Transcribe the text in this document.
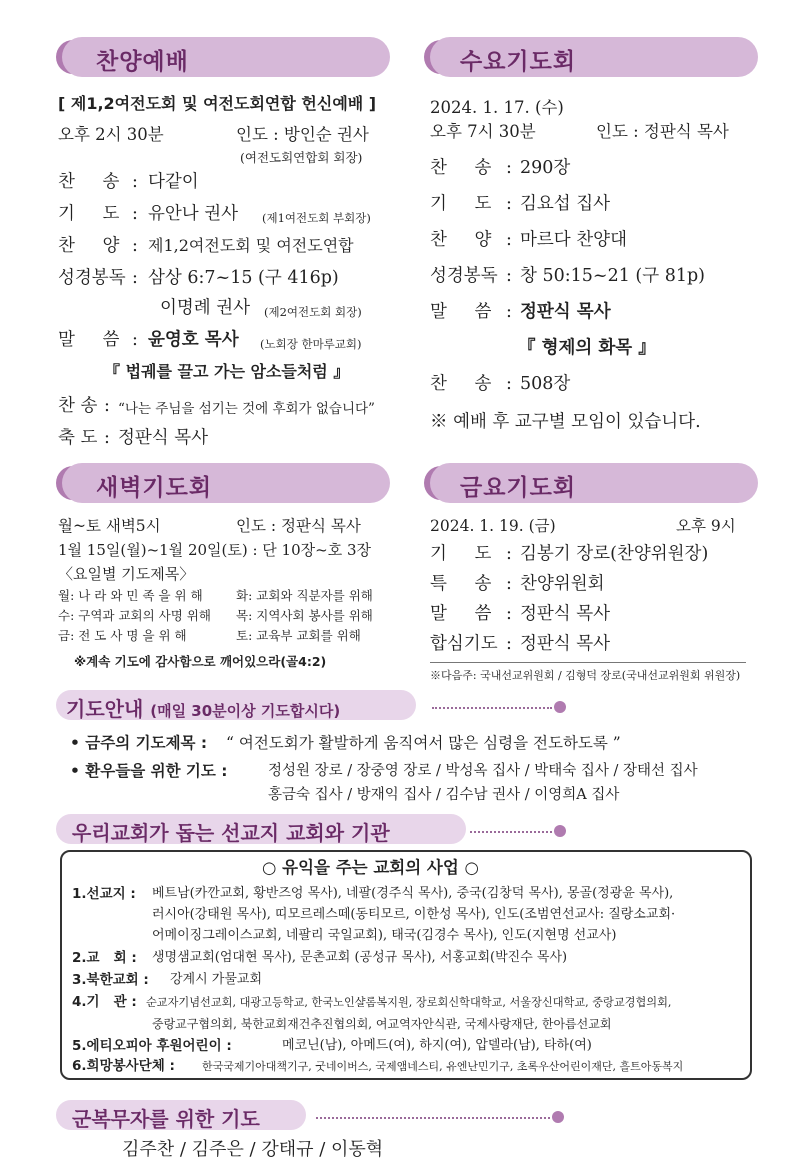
찬양예배
[ 제1,2여전도회 및 여전도회연합 헌신예배 ]
오후 2시 30분	인도 : 방인순 권사
(여전도회연합회 회장)
찬 송 : 다같이
기 도 : 유안나 권사 (제1여전도회 부회장)
찬 양 : 제1,2여전도회 및 여전도연합
성경봉독 : 삼상 6:7~15 (구 416p)
이명례 권사 (제2여전도회 회장)
말 씀 : 윤영호 목사 (노회장 한마루교회)
『 법궤를 끌고 가는 암소들처럼 』
찬 송 : “나는 주님을 섬기는 것에 후회가 없습니다”
축 도 : 정판식 목사
수요기도회
2024. 1. 17. (수)
오후 7시 30분	인도 : 정판식 목사
찬 송 : 290장
기 도 : 김요섭 집사
찬 양 : 마르다 찬양대
성경봉독 : 창 50:15~21 (구 81p)
말 씀 : 정판식 목사
『 형제의 화목 』
찬 송 : 508장
※ 예배 후 교구별 모임이 있습니다.
새벽기도회
월~토 새벽5시	인도 : 정판식 목사
1월 15일(월)~1월 20일(토) : 단 10장~호 3장
〈요일별 기도제목〉
월: 나 라 와 민 족 을 위 해	화: 교회와 직분자를 위해
수: 구역과 교회의 사명 위해 목: 지역사회 봉사를 위해
금: 전 도 사 명 을 위 해	토: 교육부 교회를 위해
※계속 기도에 감사함으로 깨어있으라(골4:2)
금요기도회
2024. 1. 19. (금)	오후 9시
기 도 : 김봉기 장로(찬양위원장)
특 송 : 찬양위원회
말 씀 : 정판식 목사
합심기도 : 정판식 목사
※다음주: 국내선교위원회 / 김형덕 장로(국내선교위원회 위원장)
기도안내 (매일 30분이상 기도합시다)
• 금주의 기도제목 : “ 여전도회가 활발하게 움직여서 많은 심령을 전도하도록 ”
• 환우들을 위한 기도 :	정성원 장로 / 장중영 장로 / 박성옥 집사 / 박태숙 집사 / 장태선 집사
홍금숙 집사 / 방재익 집사 / 김수남 권사 / 이영희A 집사
우리교회가 돕는 선교지 교회와 기관
○ 유익을 주는 교회의 사업 ○
1.선교지 : 베트남(카깐교회, 황반즈엉 목사), 네팔(경주식 목사), 중국(김창덕 목사), 몽골(정광윤 목사),
러시아(강태원 목사), 띠모르레스떼(동티모르, 이한성 목사), 인도(조범연선교사: 질랑소교회·
어메이징그레이스교회, 네팔리 국일교회), 태국(김경수 목사), 인도(지현명 선교사)
2.교   회 : 생명샘교회(엄대현 목사), 문촌교회 (공성규 목사), 서홍교회(박진수 목사)
3.북한교회 : 강계시 가물교회
4.기   관 : 순교자기념선교회, 대광고등학교, 한국노인샬롬복지원, 장로회신학대학교, 서울장신대학교, 중랑교경협의회,
중랑교구협의회, 북한교회재건추진협의회, 여교역자안식관, 국제사랑재단, 한아름선교회
5.에티오피아 후원어린이 :	메코닌(남), 아메드(여), 하지(여), 압델라(남), 타하(여)
6.희망봉사단체 : 한국국제기아대책기구, 굿네이버스, 국제앰네스티, 유엔난민기구, 초록우산어린이재단, 흘트아동복지
군복무자를 위한 기도
김주찬 / 김주은 / 강태규 / 이동혁
